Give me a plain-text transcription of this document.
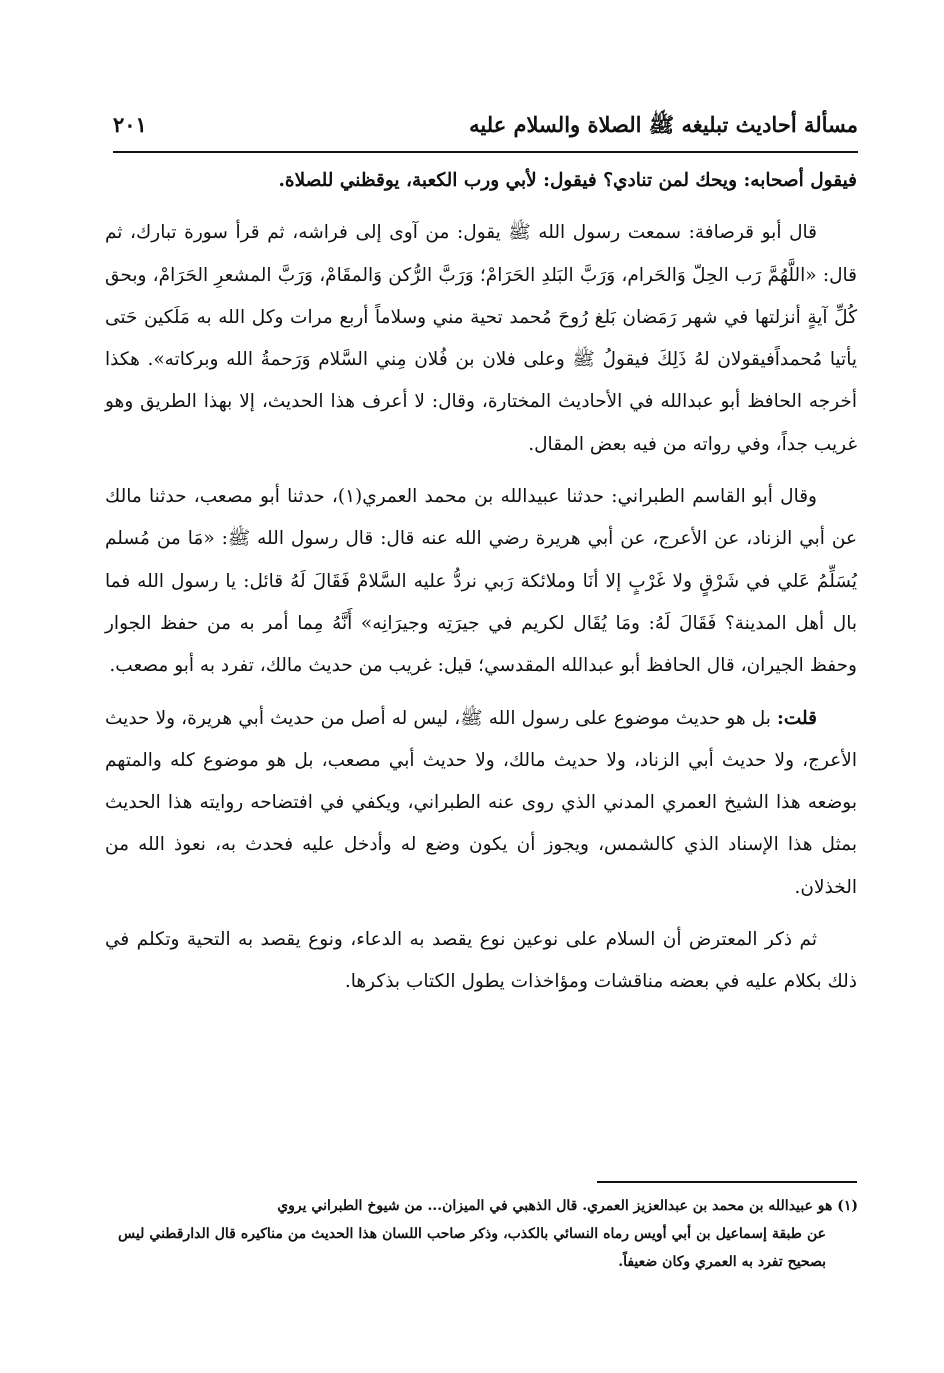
مسألة أحاديث تبليغه ﷺ الصلاة والسلام عليه
٢٠١

فيقول أصحابه: ويحك لمن تنادي؟ فيقول: لأبي ورب الكعبة، يوقظني للصلاة.

قال أبو قرصافة: سمعت رسول الله ﷺ يقول: من آوى إلى فراشه، ثم قرأ سورة تبارك، ثم قال: «اللَّهُمَّ رَب الحِلّ وَالحَرام، وَرَبَّ البَلدِ الحَرَامْ؛ وَرَبَّ الرُّكن وَالمقَامْ، وَرَبَّ المشعرِ الحَرَامْ، وبحق كُلِّ آيةٍ أنزلتها في شهر رَمَضان بَلغ رُوحَ مُحمد تحية مني وسلاماً أربع مرات وكل الله به مَلَكين حَتى يأتيا مُحمداًفيقولان لهُ ذَلِكَ فيقولُ ﷺ وعلى فلان بن فُلان مِني السَّلام وَرَحمةُ الله وبركاته». هكذا أخرجه الحافظ أبو عبدالله في الأحاديث المختارة، وقال: لا أعرف هذا الحديث، إلا بهذا الطريق وهو غريب جداً، وفي رواته من فيه بعض المقال.

وقال أبو القاسم الطبراني: حدثنا عبيدالله بن محمد العمري(١)، حدثنا أبو مصعب، حدثنا مالك عن أبي الزناد، عن الأعرج، عن أبي هريرة رضي الله عنه قال: قال رسول الله ﷺ: «مَا من مُسلم يُسَلِّمُ عَلي في شَرْقٍ ولا غَرْبٍ إلا أنَا وملائكة رَبي نردُّ عليه السَّلامْ فَقَالَ لَهُ قائل: يا رسول الله فما بال أهل المدينة؟ فَقَالَ لَهُ: ومَا يُقَال لكريم في جيرَتِه وجيرَانِه» أَنَّهُ مِما أمر به من حفظ الجوار وحفظ الجيران، قال الحافظ أبو عبدالله المقدسي؛ قيل: غريب من حديث مالك، تفرد به أبو مصعب.

قلت: بل هو حديث موضوع على رسول الله ﷺ، ليس له أصل من حديث أبي هريرة، ولا حديث الأعرج، ولا حديث أبي الزناد، ولا حديث مالك، ولا حديث أبي مصعب، بل هو موضوع كله والمتهم بوضعه هذا الشيخ العمري المدني الذي روى عنه الطبراني، ويكفي في افتضاحه روايته هذا الحديث بمثل هذا الإسناد الذي كالشمس، ويجوز أن يكون وضع له وأدخل عليه فحدث به، نعوذ الله من الخذلان.

ثم ذكر المعترض أن السلام على نوعين نوع يقصد به الدعاء، ونوع يقصد به التحية وتكلم في ذلك بكلام عليه في بعضه مناقشات ومؤاخذات يطول الكتاب بذكرها.

(١) هو عبيدالله بن محمد بن عبدالعزيز العمري. قال الذهبي في الميزان... من شيوخ الطبراني يروي
عن طبقة إسماعيل بن أبي أويس رماه النسائي بالكذب، وذكر صاحب اللسان هذا الحديث من مناكيره قال الدارقطني ليس بصحيح تفرد به العمري وكان ضعيفاً.
